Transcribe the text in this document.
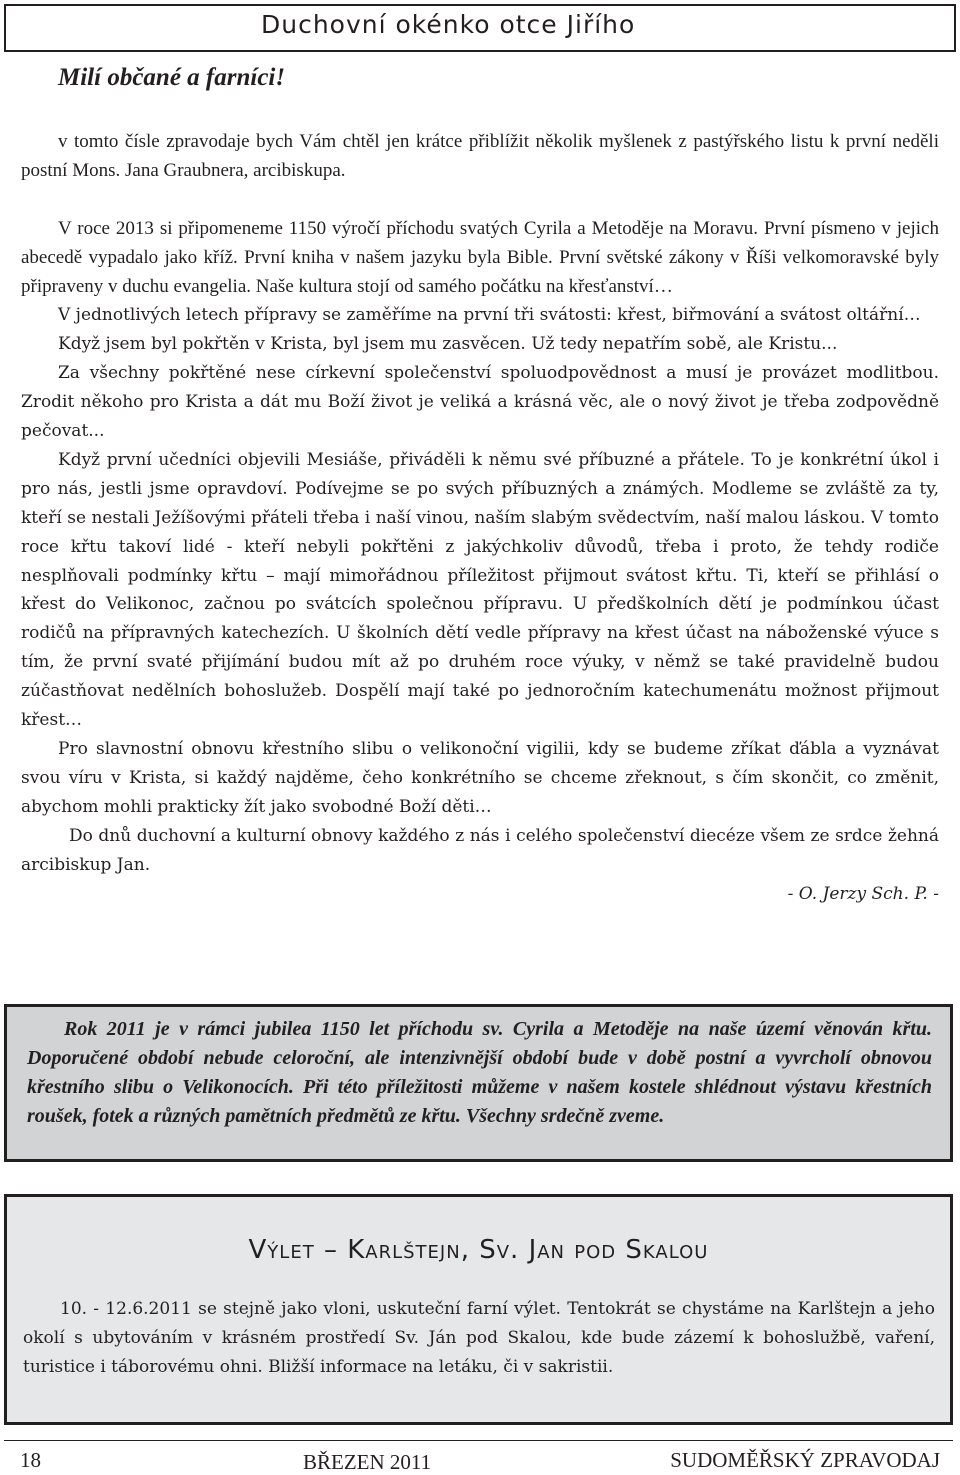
Duchovní okénko otce Jiřího
Milí občané a farníci!

v tomto čísle zpravodaje bych Vám chtěl jen krátce přiblížit několik myšlenek z pastýřského listu k první neděli postní Mons. Jana Graubnera, arcibiskupa.

V roce 2013 si připomeneme 1150 výročí příchodu svatých Cyrila a Metoděje na Moravu. První písmeno v jejich abecedě vypadalo jako kříž. První kniha v našem jazyku byla Bible. První světské zákony v Říši velkomoravské byly připraveny v duchu evangelia. Naše kultura stojí od samého počátku na křesťanství…

V jednotlivých letech přípravy se zaměříme na první tři svátosti: křest, biřmování a svátost oltářní…

Když jsem byl pokřtěn v Krista, byl jsem mu zasvěcen. Už tedy nepatřím sobě, ale Kristu...

Za všechny pokřtěné nese církevní společenství spoluodpovědnost a musí je provázet modlitbou. Zrodit někoho pro Krista a dát mu Boží život je veliká a krásná věc, ale o nový život je třeba zodpovědně pečovat...

Když první učedníci objevili Mesiáše, přiváděli k němu své příbuzné a přátele. To je konkrétní úkol i pro nás, jestli jsme opravdoví. Podívejme se po svých příbuzných a známých. Modleme se zvláště za ty, kteří se nestali Ježíšovými přáteli třeba i naší vinou, naším slabým svědectvím, naší malou láskou. V tomto roce křtu takoví lidé - kteří nebyli pokřtěni z jakýchkoliv důvodů, třeba i proto, že tehdy rodiče nesplňovali podmínky křtu – mají mimořádnou příležitost přijmout svátost křtu. Ti, kteří se přihlásí o křest do Velikonoc, začnou po svátcích společnou přípravu. U předškolních dětí je podmínkou účast rodičů na přípravných katechezích. U školních dětí vedle přípravy na křest účast na náboženské výuce s tím, že první svaté přijímání budou mít až po druhém roce výuky, v němž se také pravidelně budou zúčastňovat nedělních bohoslužeb. Dospělí mají také po jednoročním katechumenátu možnost přijmout křest…

Pro slavnostní obnovu křestního slibu o velikonoční vigilii, kdy se budeme zříkat ďábla a vyznávat svou víru v Krista, si každý najděme, čeho konkrétního se chceme zřeknout, s čím skončit, co změnit, abychom mohli prakticky žít jako svobodné Boží děti…

Do dnů duchovní a kulturní obnovy každého z nás i celého společenství diecéze všem ze srdce žehná arcibiskup Jan.

- O. Jerzy Sch. P. -

Rok 2011 je v rámci jubilea 1150 let příchodu sv. Cyrila a Metoděje na naše území věnován křtu. Doporučené období nebude celoroční, ale intenzivnější období bude v době postní a vyvrcholí obnovou křestního slibu o Velikonocích. Při této příležitosti můžeme v našem kostele shlédnout výstavu křestních roušek, fotek a různých pamětních předmětů ze křtu. Všechny srdečně zveme.

Výlet – Karlštejn, Sv. Jan pod Skalou

10. - 12.6.2011 se stejně jako vloni, uskuteční farní výlet. Tentokrát se chystáme na Karlštejn a jeho okolí s ubytováním v krásném prostředí Sv. Ján pod Skalou, kde bude zázemí k bohoslužbě, vaření, turistice i táborovému ohni. Bližší informace na letáku, či v sakristii.

18	BŘEZEN 2011	SUDOMĚŘSKÝ ZPRAVODAJ
